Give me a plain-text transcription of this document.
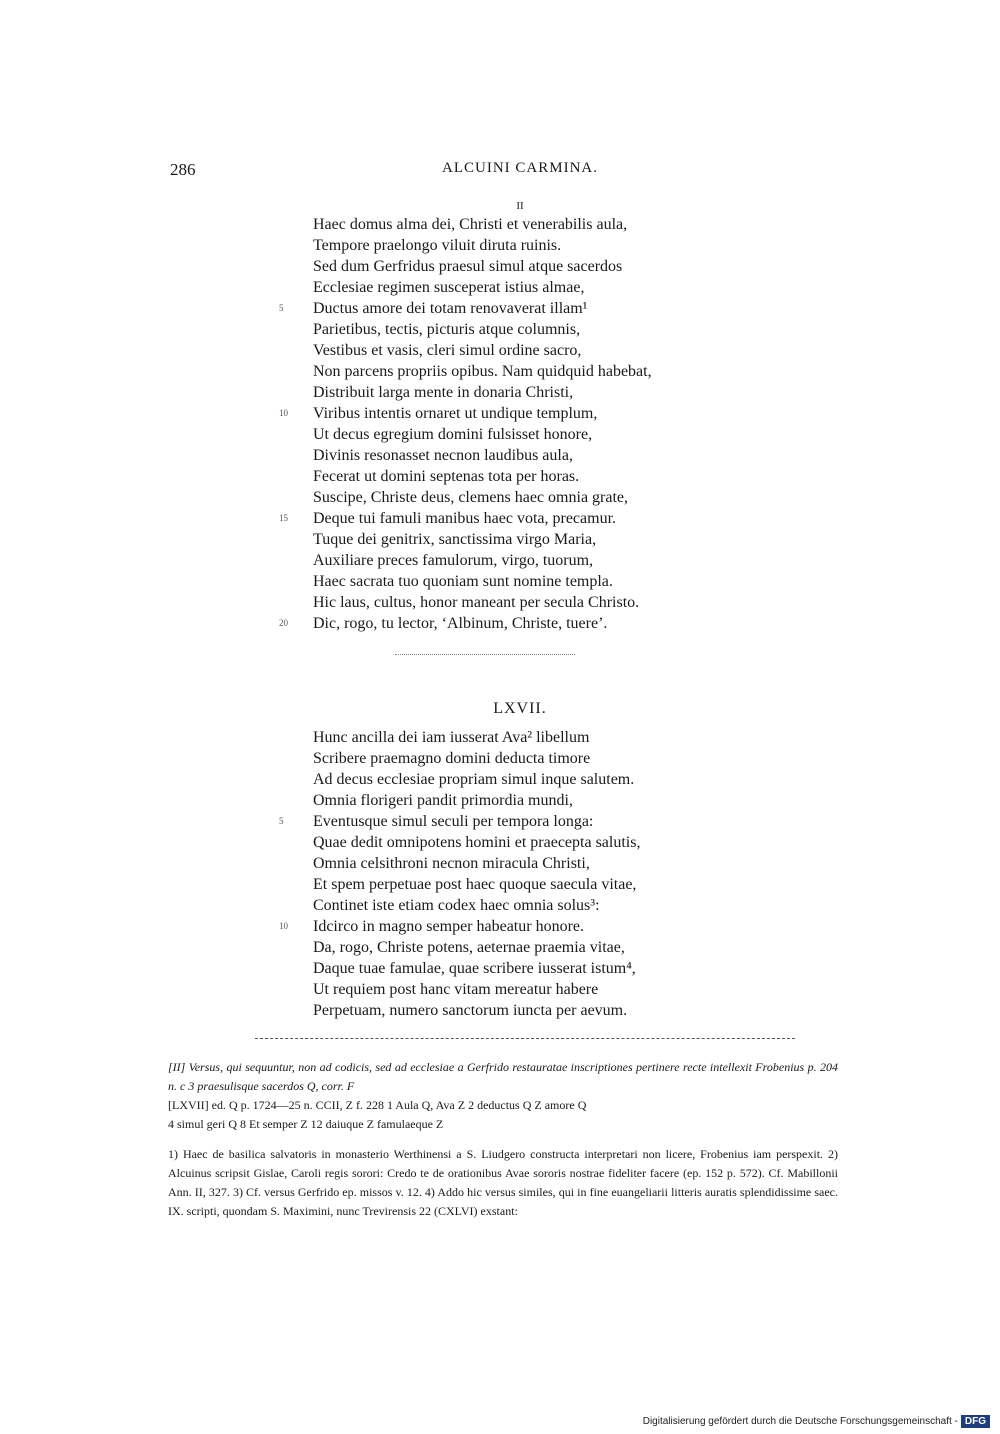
286	ALCUINI CARMINA.
II
Haec domus alma dei, Christi et venerabilis aula,
Tempore praelongo viluit diruta ruinis.
Sed dum Gerfridus praesul simul atque sacerdos
Ecclesiae regimen susceperat istius almae,
5 Ductus amore dei totam renovaverat illam¹
Parietibus, tectis, picturis atque columnis,
Vestibus et vasis, cleri simul ordine sacro,
Non parcens propriis opibus. Nam quidquid habebat,
Distribuit larga mente in donaria Christi,
10 Viribus intentis ornaret ut undique templum,
Ut decus egregium domini fulsisset honore,
Divinis resonasset necnon laudibus aula,
Fecerat ut domini septenas tota per horas.
Suscipe, Christe deus, clemens haec omnia grate,
15 Deque tui famuli manibus haec vota, precamur.
Tuque dei genitrix, sanctissima virgo Maria,
Auxiliare preces famulorum, virgo, tuorum,
Haec sacrata tuo quoniam sunt nomine templa.
Hic laus, cultus, honor maneant per secula Christo.
20 Dic, rogo, tu lector, ‘Albinum, Christe, tuere’.
LXVII.
Hunc ancilla dei iam iusserat Ava² libellum
Scribere praemagno domini deducta timore
Ad decus ecclesiae propriam simul inque salutem.
Omnia florigeri pandit primordia mundi,
5 Eventusque simul seculi per tempora longa:
Quae dedit omnipotens homini et praecepta salutis,
Omnia celsithroni necnon miracula Christi,
Et spem perpetuae post haec quoque saecula vitae,
Continet iste etiam codex haec omnia solus³:
10 Idcirco in magno semper habeatur honore.
Da, rogo, Christe potens, aeternae praemia vitae,
Daque tuae famulae, quae scribere iusserat istum⁴,
Ut requiem post hanc vitam mereatur habere
Perpetuam, numero sanctorum iuncta per aevum.

[II] Versus, qui sequuntur, non ad codicis, sed ad ecclesiae a Gerfrido restauratae inscriptiones pertinere recte intellexit Frobenius p. 204 n. c 3 praesulisque sacerdos Q, corr. F

[LXVII] ed. Q p. 1724—25 n. CCII, Z f. 228 1 Aula Q, Ava Z 2 deductus Q Z amore Q

4 simul geri Q 8 Et semper Z 12 daiuque Z famulaeque Z

1) Haec de basilica salvatoris in monasterio Werthinensi a S. Liudgero constructa interpretari non licere, Frobenius iam perspexit. 2) Alcuinus scripsit Gislae, Caroli regis sorori: Credo te de orationibus Avae sororis nostrae fideliter facere (ep. 152 p. 572). Cf. Mabillonii Ann. II, 327. 3) Cf. versus Gerfrido ep. missos v. 12. 4) Addo hic versus similes, qui in fine euangeliarii litteris auratis splendidissime saec. IX. scripti, quondam S. Maximini, nunc Trevirensis 22 (CXLVI) exstant:

Digitalisierung gefördert durch die Deutsche Forschungsgemeinschaft - DFG
